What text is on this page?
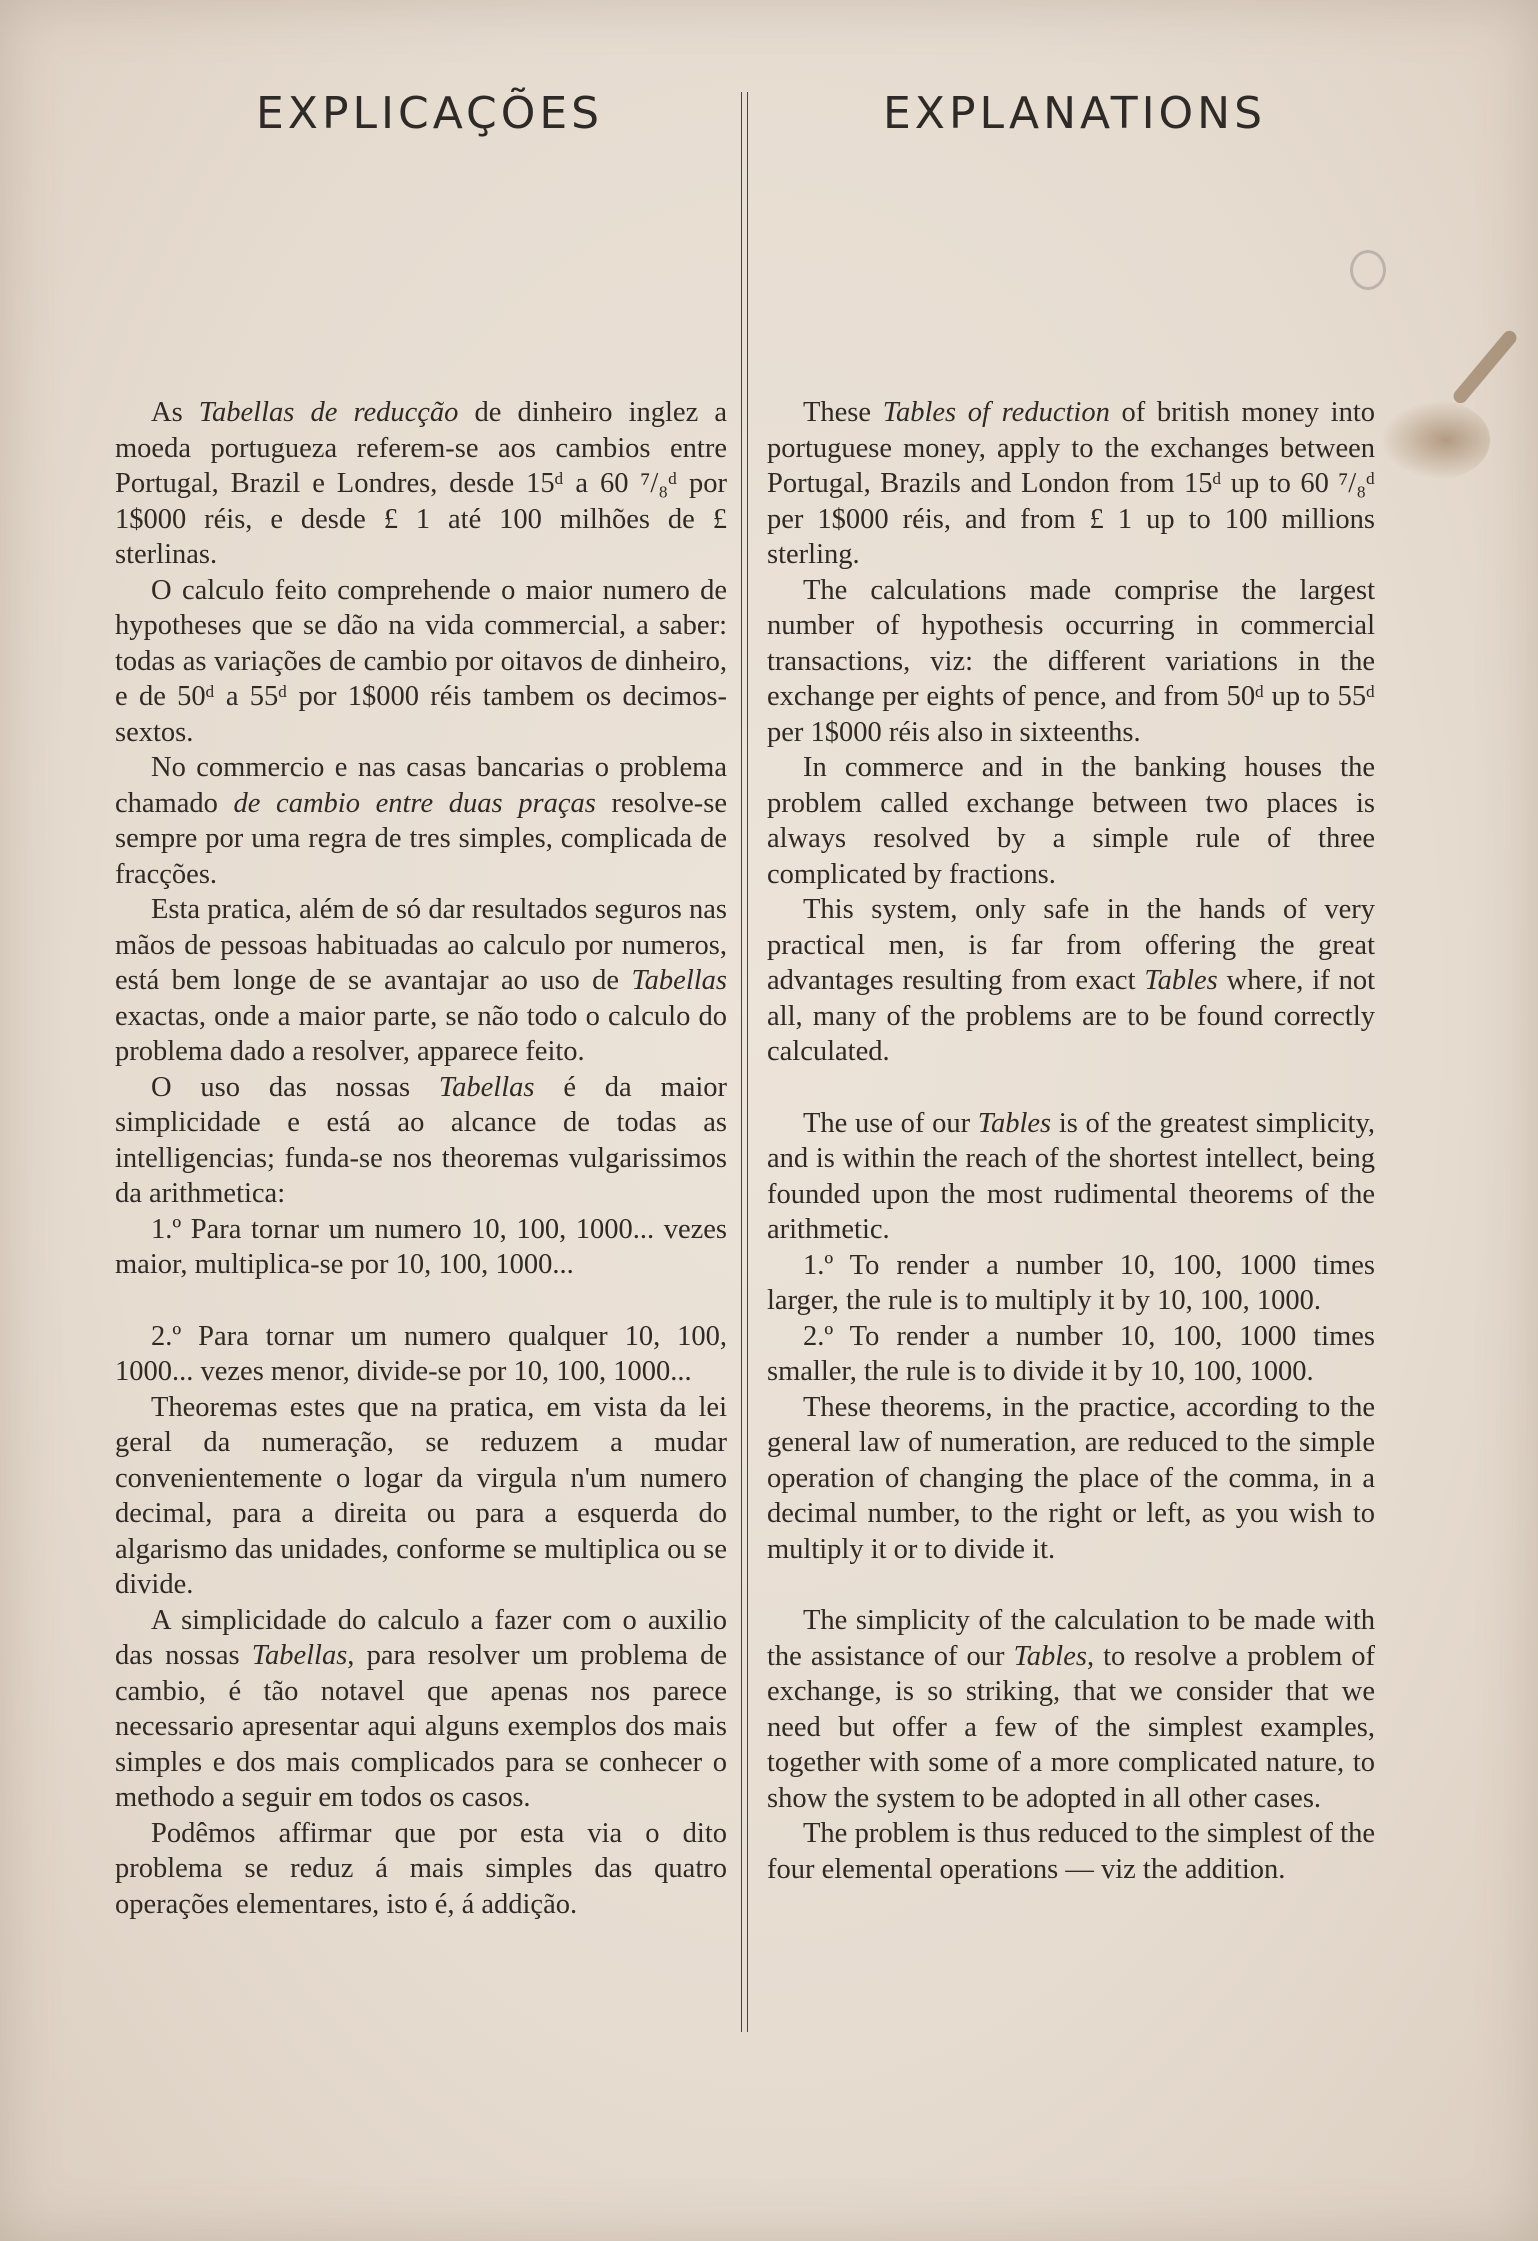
EXPLICAÇÕES	EXPLANATIONS

As Tabellas de reducção de dinheiro inglez a moeda portugueza referem-se aos cambios entre Portugal, Brazil e Londres, desde 15ᵈ a 60 ⁷/₈ᵈ por 1$000 réis, e desde £ 1 até 100 milhões de £ sterlinas.

O calculo feito comprehende o maior numero de hypotheses que se dão na vida commercial, a saber: todas as variações de cambio por oitavos de dinheiro, e de 50ᵈ a 55ᵈ por 1$000 réis tambem os decimos-sextos.

No commercio e nas casas bancarias o problema chamado de cambio entre duas praças resolve-se sempre por uma regra de tres simples, complicada de fracções.

Esta pratica, além de só dar resultados seguros nas mãos de pessoas habituadas ao calculo por numeros, está bem longe de se avantajar ao uso de Tabellas exactas, onde a maior parte, se não todo o calculo do problema dado a resolver, apparece feito.

O uso das nossas Tabellas é da maior simplicidade e está ao alcance de todas as intelligencias; funda-se nos theoremas vulgarissimos da arithmetica:

1.º Para tornar um numero 10, 100, 1000... vezes maior, multiplica-se por 10, 100, 1000...

2.º Para tornar um numero qualquer 10, 100, 1000... vezes menor, divide-se por 10, 100, 1000...

Theoremas estes que na pratica, em vista da lei geral da numeração, se reduzem a mudar convenientemente o logar da virgula n'um numero decimal, para a direita ou para a esquerda do algarismo das unidades, conforme se multiplica ou se divide.

A simplicidade do calculo a fazer com o auxilio das nossas Tabellas, para resolver um problema de cambio, é tão notavel que apenas nos parece necessario apresentar aqui alguns exemplos dos mais simples e dos mais complicados para se conhecer o methodo a seguir em todos os casos.

Podêmos affirmar que por esta via o dito problema se reduz á mais simples das quatro operações elementares, isto é, á addição.

These Tables of reduction of british money into portuguese money, apply to the exchanges between Portugal, Brazils and London from 15ᵈ up to 60 ⁷/₈ᵈ per 1$000 réis, and from £ 1 up to 100 millions sterling.

The calculations made comprise the largest number of hypothesis occurring in commercial transactions, viz: the different variations in the exchange per eights of pence, and from 50ᵈ up to 55ᵈ per 1$000 réis also in sixteenths.

In commerce and in the banking houses the problem called exchange between two places is always resolved by a simple rule of three complicated by fractions.

This system, only safe in the hands of very practical men, is far from offering the great advantages resulting from exact Tables where, if not all, many of the problems are to be found correctly calculated.

The use of our Tables is of the greatest simplicity, and is within the reach of the shortest intellect, being founded upon the most rudimental theorems of the arithmetic.

1.º To render a number 10, 100, 1000 times larger, the rule is to multiply it by 10, 100, 1000.

2.º To render a number 10, 100, 1000 times smaller, the rule is to divide it by 10, 100, 1000.

These theorems, in the practice, according to the general law of numeration, are reduced to the simple operation of changing the place of the comma, in a decimal number, to the right or left, as you wish to multiply it or to divide it.

The simplicity of the calculation to be made with the assistance of our Tables, to resolve a problem of exchange, is so striking, that we consider that we need but offer a few of the simplest examples, together with some of a more complicated nature, to show the system to be adopted in all other cases.

The problem is thus reduced to the simplest of the four elemental operations — viz the addition.
